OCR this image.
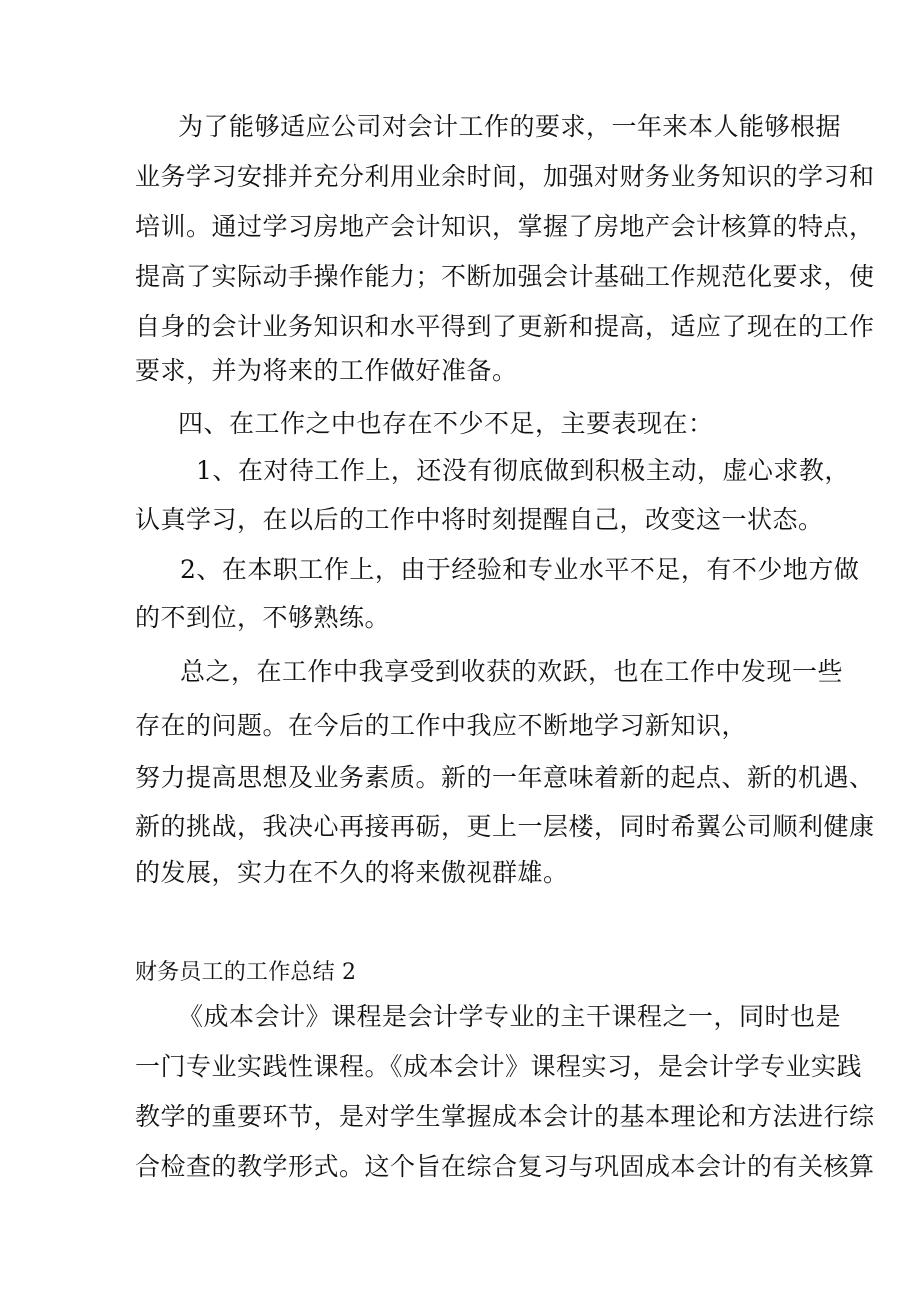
为了能够适应公司对会计工作的要求，一年来本人能够根据
业务学习安排并充分利用业余时间，加强对财务业务知识的学习和
培训。通过学习房地产会计知识，掌握了房地产会计核算的特点，
提高了实际动手操作能力；不断加强会计基础工作规范化要求，使
自身的会计业务知识和水平得到了更新和提高，适应了现在的工作
要求，并为将来的工作做好准备。
四、在工作之中也存在不少不足，主要表现在：
1、在对待工作上，还没有彻底做到积极主动，虚心求教，
认真学习，在以后的工作中将时刻提醒自己，改变这一状态。
2、在本职工作上，由于经验和专业水平不足，有不少地方做
的不到位，不够熟练。
总之，在工作中我享受到收获的欢跃，也在工作中发现一些
存在的问题。在今后的工作中我应不断地学习新知识，
努力提高思想及业务素质。新的一年意味着新的起点、新的机遇、
新的挑战，我决心再接再砺，更上一层楼，同时希翼公司顺利健康
的发展，实力在不久的将来傲视群雄。
财务员工的工作总结 2
《成本会计》课程是会计学专业的主干课程之一，同时也是
一门专业实践性课程。《成本会计》课程实习，是会计学专业实践
教学的重要环节，是对学生掌握成本会计的基本理论和方法进行综
合检查的教学形式。这个旨在综合复习与巩固成本会计的有关核算
